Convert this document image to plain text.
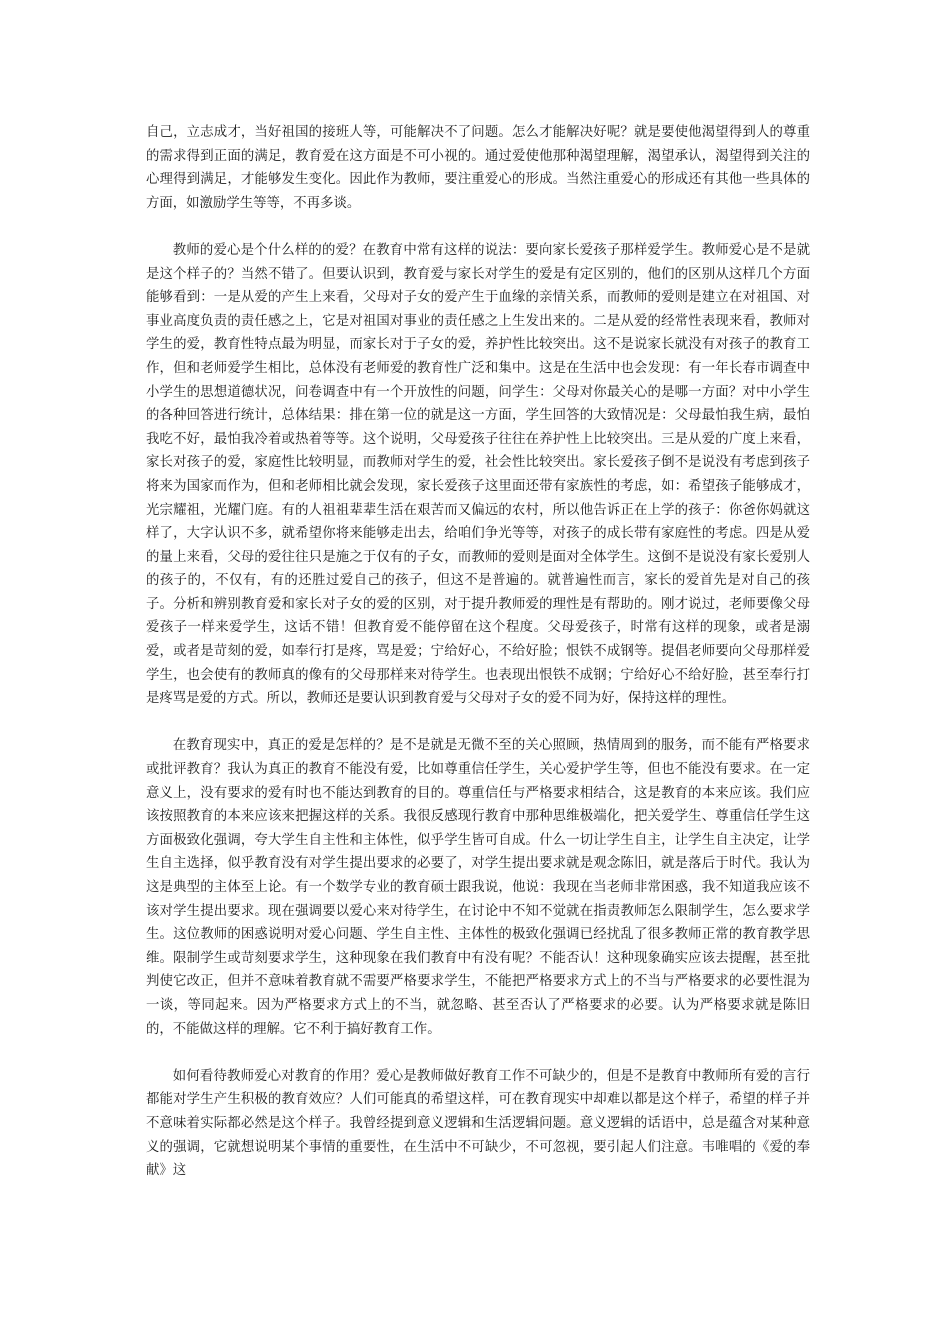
自己，立志成才，当好祖国的接班人等，可能解决不了问题。怎么才能解决好呢？就是要使他渴望得到人的尊重的需求得到正面的满足，教育爱在这方面是不可小视的。通过爱使他那种渴望理解，渴望承认，渴望得到关注的心理得到满足，才能够发生变化。因此作为教师，要注重爱心的形成。当然注重爱心的形成还有其他一些具体的方面，如激励学生等等，不再多谈。

教师的爱心是个什么样的的爱？在教育中常有这样的说法：要向家长爱孩子那样爱学生。教师爱心是不是就是这个样子的？当然不错了。但要认识到，教育爱与家长对学生的爱是有定区别的，他们的区别从这样几个方面能够看到：一是从爱的产生上来看，父母对子女的爱产生于血缘的亲情关系，而教师的爱则是建立在对祖国、对事业高度负责的责任感之上，它是对祖国对事业的责任感之上生发出来的。二是从爱的经常性表现来看，教师对学生的爱，教育性特点最为明显，而家长对于子女的爱，养护性比较突出。这不是说家长就没有对孩子的教育工作，但和老师爱学生相比，总体没有老师爱的教育性广泛和集中。这是在生活中也会发现：有一年长春市调查中小学生的思想道德状况，问卷调查中有一个开放性的问题，问学生：父母对你最关心的是哪一方面？对中小学生的各种回答进行统计，总体结果：排在第一位的就是这一方面，学生回答的大致情况是：父母最怕我生病，最怕我吃不好，最怕我冷着或热着等等。这个说明，父母爱孩子往往在养护性上比较突出。三是从爱的广度上来看，家长对孩子的爱，家庭性比较明显，而教师对学生的爱，社会性比较突出。家长爱孩子倒不是说没有考虑到孩子将来为国家而作为，但和老师相比就会发现，家长爱孩子这里面还带有家族性的考虑，如：希望孩子能够成才，光宗耀祖，光耀门庭。有的人祖祖辈辈生活在艰苦而又偏远的农村，所以他告诉正在上学的孩子：你爸你妈就这样了，大字认识不多，就希望你将来能够走出去，给咱们争光等等，对孩子的成长带有家庭性的考虑。四是从爱的量上来看，父母的爱往往只是施之于仅有的子女，而教师的爱则是面对全体学生。这倒不是说没有家长爱别人的孩子的，不仅有，有的还胜过爱自己的孩子，但这不是普遍的。就普遍性而言，家长的爱首先是对自己的孩子。分析和辨别教育爱和家长对子女的爱的区别，对于提升教师爱的理性是有帮助的。刚才说过，老师要像父母爱孩子一样来爱学生，这话不错！但教育爱不能停留在这个程度。父母爱孩子，时常有这样的现象，或者是溺爱，或者是苛刻的爱，如奉行打是疼，骂是爱；宁给好心，不给好脸；恨铁不成钢等。提倡老师要向父母那样爱学生，也会使有的教师真的像有的父母那样来对待学生。也表现出恨铁不成钢；宁给好心不给好脸，甚至奉行打是疼骂是爱的方式。所以，教师还是要认识到教育爱与父母对子女的爱不同为好，保持这样的理性。

在教育现实中，真正的爱是怎样的？是不是就是无微不至的关心照顾，热情周到的服务，而不能有严格要求或批评教育？我认为真正的教育不能没有爱，比如尊重信任学生，关心爱护学生等，但也不能没有要求。在一定意义上，没有要求的爱有时也不能达到教育的目的。尊重信任与严格要求相结合，这是教育的本来应该。我们应该按照教育的本来应该来把握这样的关系。我很反感现行教育中那种思维极端化，把关爱学生、尊重信任学生这方面极致化强调，夸大学生自主性和主体性，似乎学生皆可自成。什么一切让学生自主，让学生自主决定，让学生自主选择，似乎教育没有对学生提出要求的必要了，对学生提出要求就是观念陈旧，就是落后于时代。我认为这是典型的主体至上论。有一个数学专业的教育硕士跟我说，他说：我现在当老师非常困惑，我不知道我应该不该对学生提出要求。现在强调要以爱心来对待学生，在讨论中不知不觉就在指责教师怎么限制学生，怎么要求学生。这位教师的困惑说明对爱心问题、学生自主性、主体性的极致化强调已经扰乱了很多教师正常的教育教学思维。限制学生或苛刻要求学生，这种现象在我们教育中有没有呢？不能否认！这种现象确实应该去提醒，甚至批判使它改正，但并不意味着教育就不需要严格要求学生，不能把严格要求方式上的不当与严格要求的必要性混为一谈，等同起来。因为严格要求方式上的不当，就忽略、甚至否认了严格要求的必要。认为严格要求就是陈旧的，不能做这样的理解。它不利于搞好教育工作。

如何看待教师爱心对教育的作用？爱心是教师做好教育工作不可缺少的，但是不是教育中教师所有爱的言行都能对学生产生积极的教育效应？人们可能真的希望这样，可在教育现实中却难以都是这个样子，希望的样子并不意味着实际都必然是这个样子。我曾经提到意义逻辑和生活逻辑问题。意义逻辑的话语中，总是蕴含对某种意义的强调，它就想说明某个事情的重要性，在生活中不可缺少，不可忽视，要引起人们注意。韦唯唱的《爱的奉献》这
